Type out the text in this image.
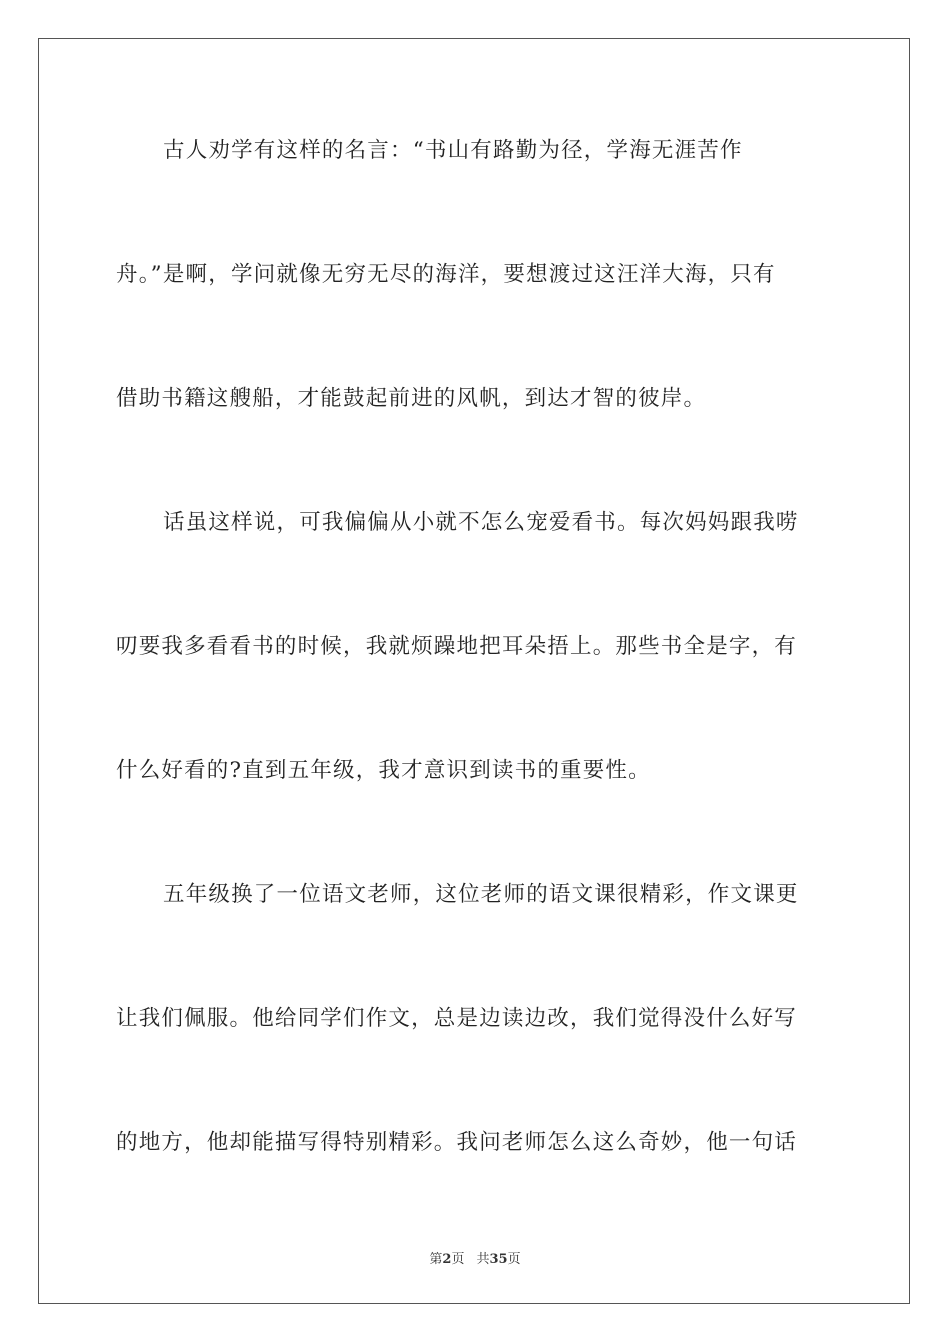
古人劝学有这样的名言：“书山有路勤为径，学海无涯苦作
舟。”是啊，学问就像无穷无尽的海洋，要想渡过这汪洋大海，只有
借助书籍这艘船，才能鼓起前进的风帆，到达才智的彼岸。
话虽这样说，可我偏偏从小就不怎么宠爱看书。每次妈妈跟我唠
叨要我多看看书的时候，我就烦躁地把耳朵捂上。那些书全是字，有
什么好看的?直到五年级，我才意识到读书的重要性。
五年级换了一位语文老师，这位老师的语文课很精彩，作文课更
让我们佩服。他给同学们作文，总是边读边改，我们觉得没什么好写
的地方，他却能描写得特别精彩。我问老师怎么这么奇妙，他一句话
第2页 共35页
